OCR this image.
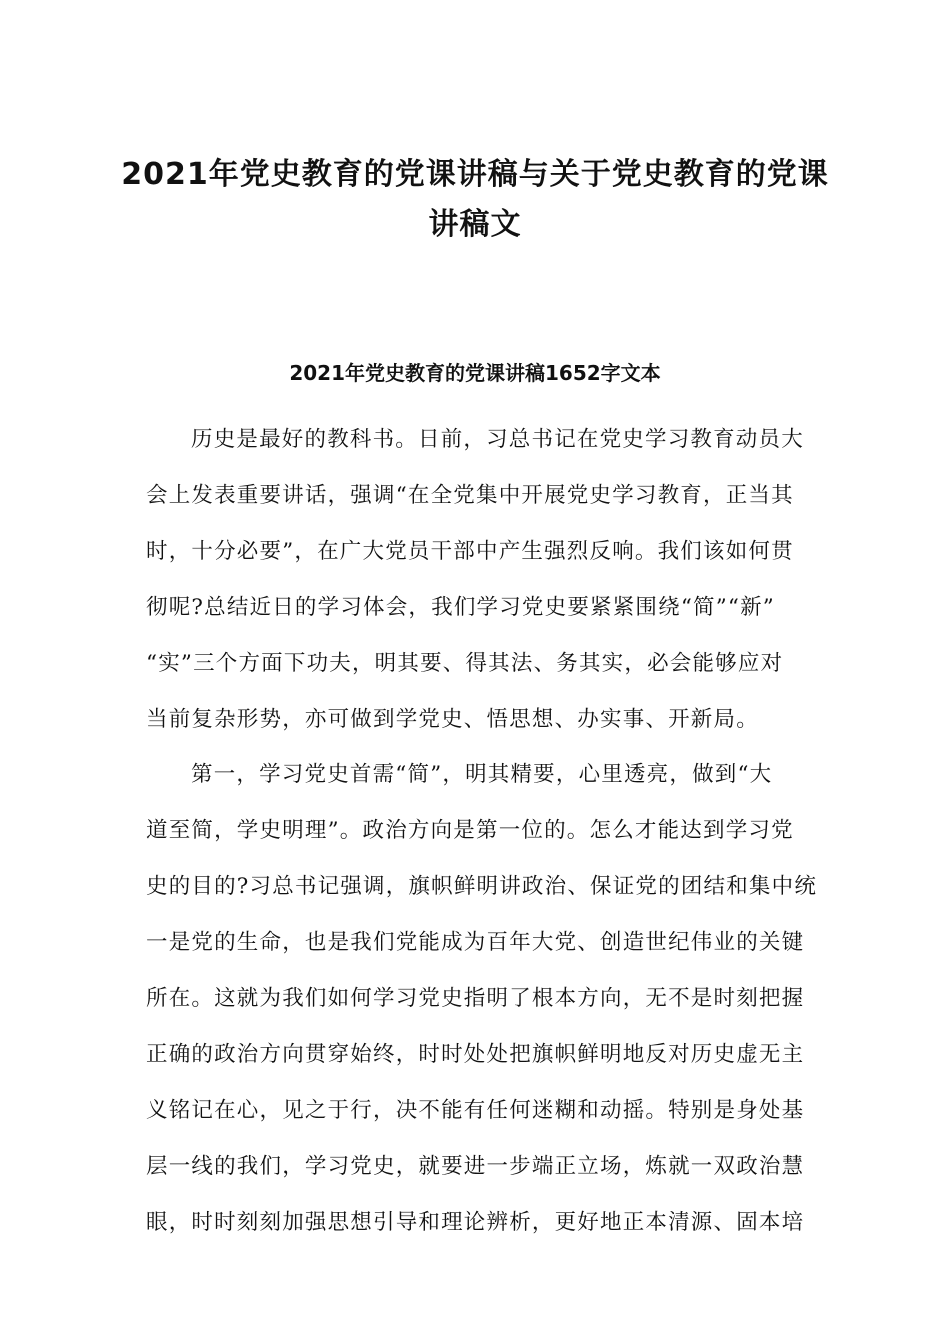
2021年党史教育的党课讲稿与关于党史教育的党课
讲稿文
2021年党史教育的党课讲稿1652字文本
历史是最好的教科书。日前，习总书记在党史学习教育动员大
会上发表重要讲话，强调“在全党集中开展党史学习教育，正当其
时，十分必要”，在广大党员干部中产生强烈反响。我们该如何贯
彻呢?总结近日的学习体会，我们学习党史要紧紧围绕“简”“新”
“实”三个方面下功夫，明其要、得其法、务其实，必会能够应对
当前复杂形势，亦可做到学党史、悟思想、办实事、开新局。
第一，学习党史首需“简”，明其精要，心里透亮，做到“大
道至简，学史明理”。政治方向是第一位的。怎么才能达到学习党
史的目的?习总书记强调，旗帜鲜明讲政治、保证党的团结和集中统
一是党的生命，也是我们党能成为百年大党、创造世纪伟业的关键
所在。这就为我们如何学习党史指明了根本方向，无不是时刻把握
正确的政治方向贯穿始终，时时处处把旗帜鲜明地反对历史虚无主
义铭记在心，见之于行，决不能有任何迷糊和动摇。特别是身处基
层一线的我们，学习党史，就要进一步端正立场，炼就一双政治慧
眼，时时刻刻加强思想引导和理论辨析，更好地正本清源、固本培
